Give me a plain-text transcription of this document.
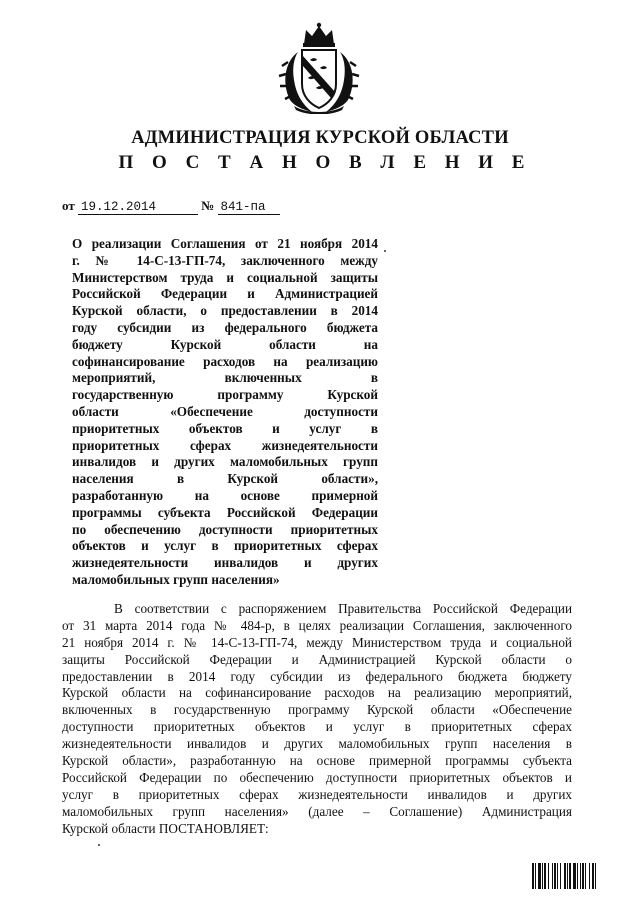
АДМИНИСТРАЦИЯ КУРСКОЙ ОБЛАСТИ
П О С Т А Н О В Л Е Н И Е
от 19.12.2014	№ 841-па
О реализации Соглашения от 21 ноября 2014
г. № 14-С-13-ГП-74, заключенного между
Министерством труда и социальной защиты
Российской Федерации и Администрацией
Курской области, о предоставлении в 2014
году субсидии из федерального бюджета
бюджету Курской области на
софинансирование расходов на реализацию
мероприятий, включенных в
государственную программу Курской
области «Обеспечение доступности
приоритетных объектов и услуг в
приоритетных сферах жизнедеятельности
инвалидов и других маломобильных групп
населения в Курской области»,
разработанную на основе примерной
программы субъекта Российской Федерации
по обеспечению доступности приоритетных
объектов и услуг в приоритетных сферах
жизнедеятельности инвалидов и других
маломобильных групп населения»
В соответствии с распоряжением Правительства Российской Федерации
от 31 марта 2014 года № 484-р, в целях реализации Соглашения, заключенного
21 ноября 2014 г. № 14-С-13-ГП-74, между Министерством труда и социальной
защиты Российской Федерации и Администрацией Курской области о
предоставлении в 2014 году субсидии из федерального бюджета бюджету
Курской области на софинансирование расходов на реализацию мероприятий,
включенных в государственную программу Курской области «Обеспечение
доступности приоритетных объектов и услуг в приоритетных сферах
жизнедеятельности инвалидов и других маломобильных групп населения в
Курской области», разработанную на основе примерной программы субъекта
Российской Федерации по обеспечению доступности приоритетных объектов и
услуг в приоритетных сферах жизнедеятельности инвалидов и других
маломобильных групп населения» (далее – Соглашение) Администрация
Курской области ПОСТАНОВЛЯЕТ:
